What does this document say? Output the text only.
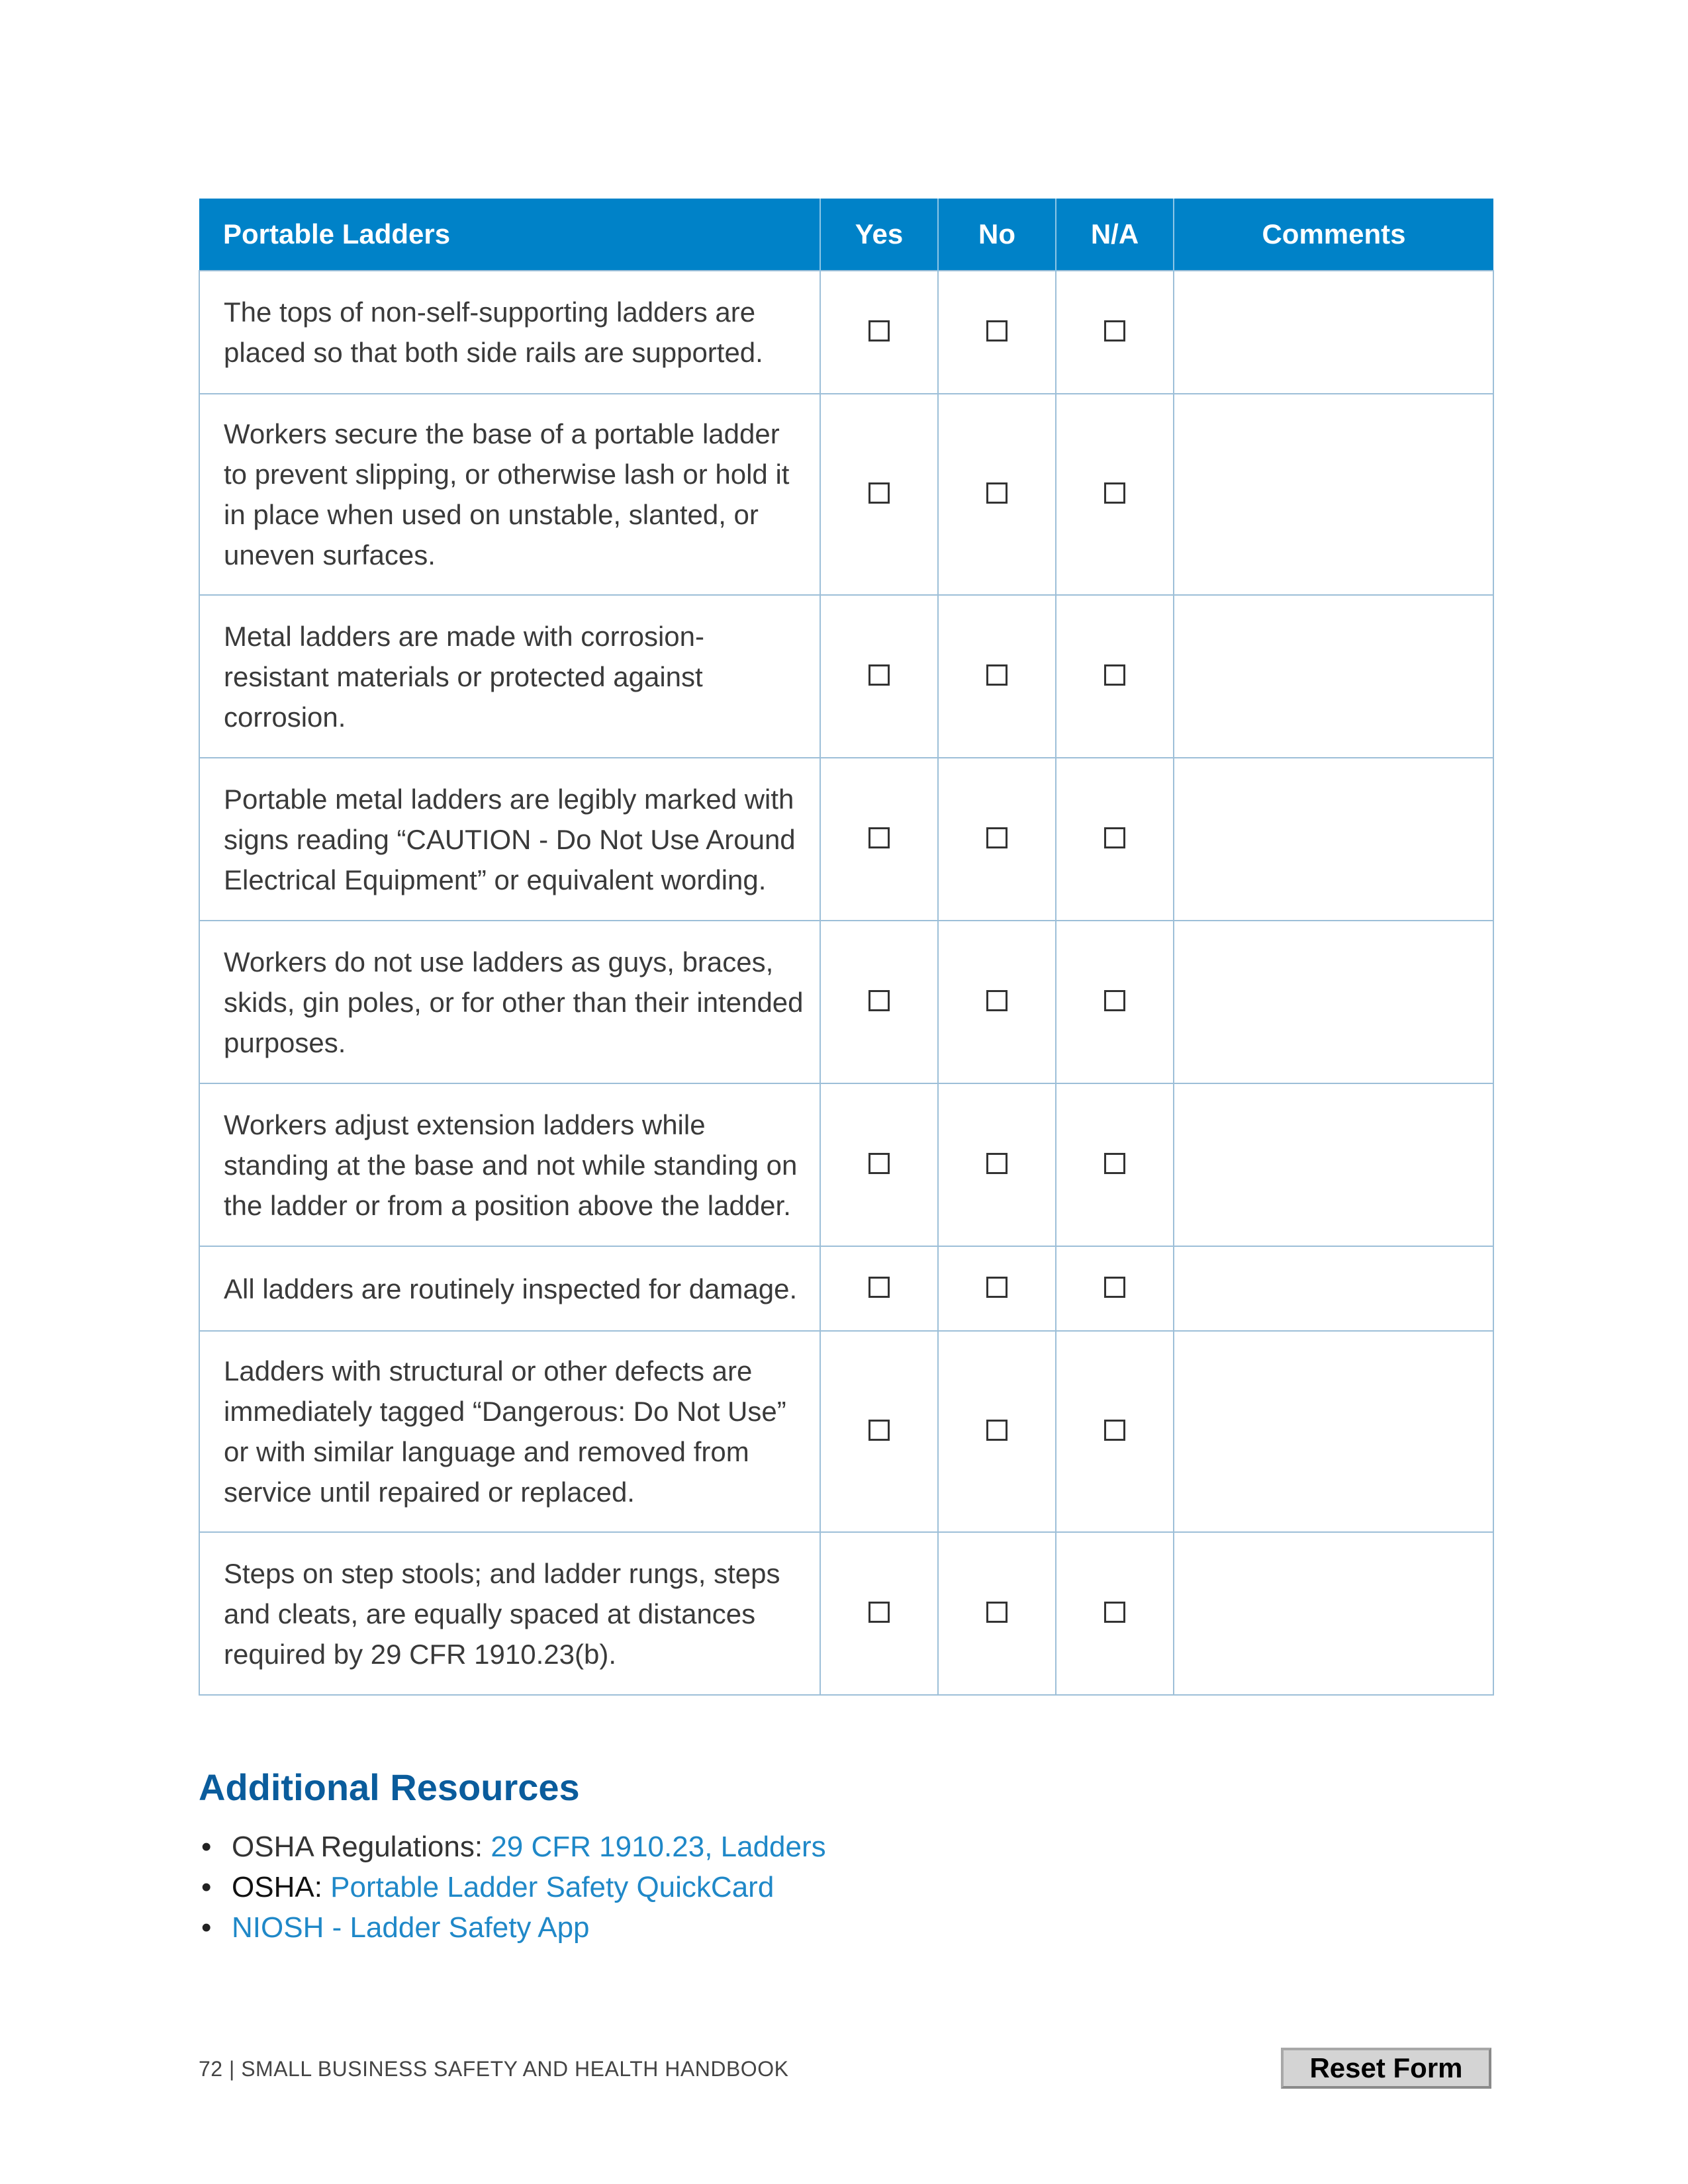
Portable Ladders	Yes	No	N/A	Comments
The tops of non-self-supporting ladders are placed so that both side rails are supported.				
Workers secure the base of a portable ladder to prevent slipping, or otherwise lash or hold it in place when used on unstable, slanted, or uneven surfaces.				
Metal ladders are made with corrosion-resistant materials or protected against corrosion.				
Portable metal ladders are legibly marked with signs reading “CAUTION - Do Not Use Around Electrical Equipment” or equivalent wording.				
Workers do not use ladders as guys, braces, skids, gin poles, or for other than their intended purposes.				
Workers adjust extension ladders while standing at the base and not while standing on the ladder or from a position above the ladder.				
All ladders are routinely inspected for damage.				
Ladders with structural or other defects are immediately tagged “Dangerous: Do Not Use” or with similar language and removed from service until repaired or replaced.				
Steps on step stools; and ladder rungs, steps and cleats, are equally spaced at distances required by 29 CFR 1910.23(b).				
Additional Resources
• OSHA Regulations: 29 CFR 1910.23, Ladders
• OSHA: Portable Ladder Safety QuickCard
• NIOSH - Ladder Safety App
72 | SMALL BUSINESS SAFETY AND HEALTH HANDBOOK	Reset Form
